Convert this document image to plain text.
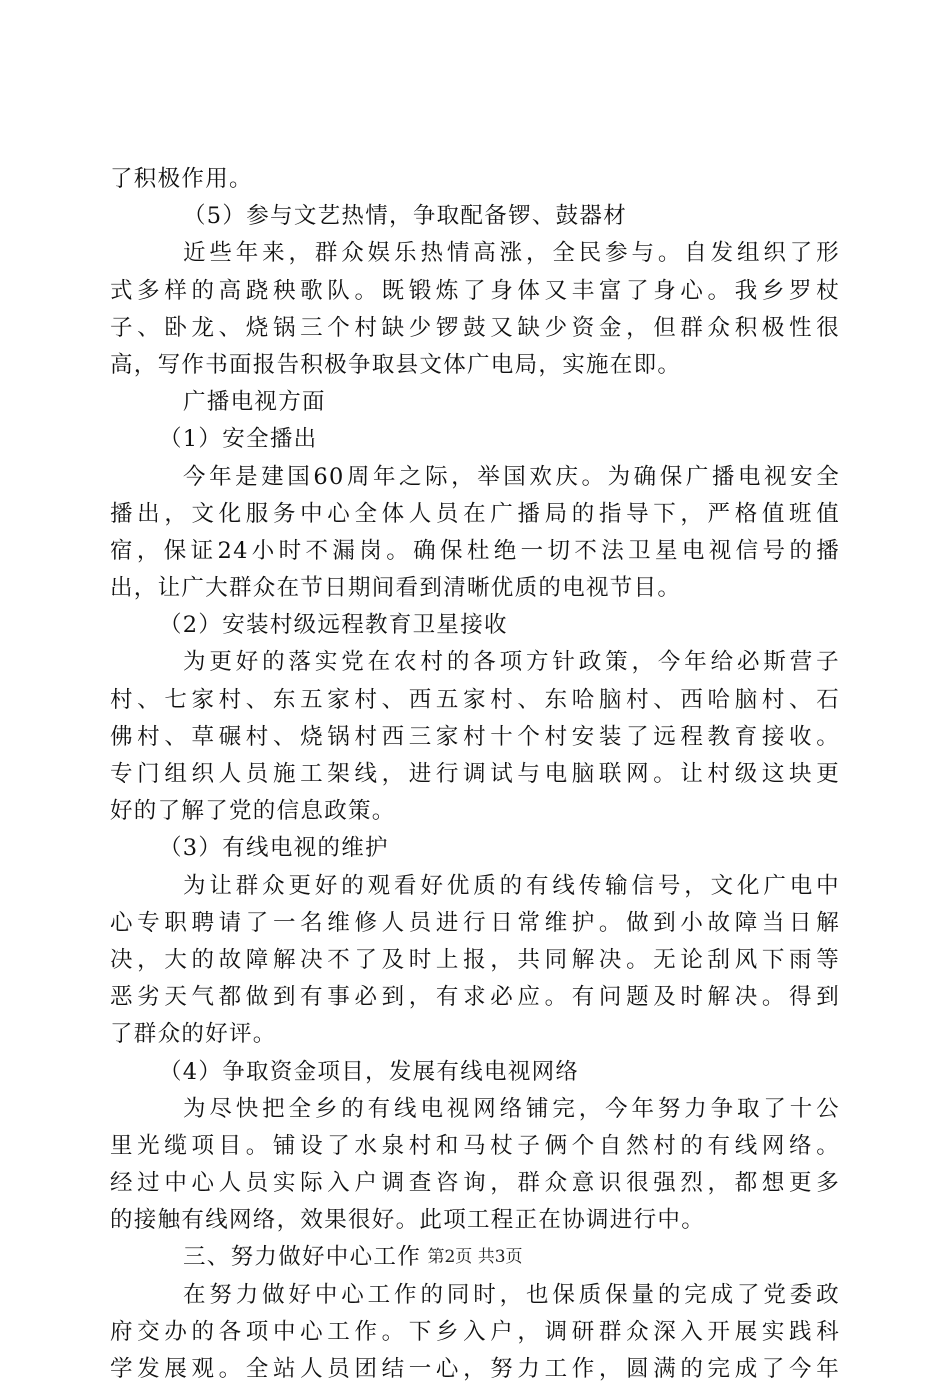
了积极作用。
（5）参与文艺热情，争取配备锣、鼓器材
近些年来，群众娱乐热情高涨，全民参与。自发组织了形
式多样的高跷秧歌队。既锻炼了身体又丰富了身心。我乡罗杖
子、卧龙、烧锅三个村缺少锣鼓又缺少资金，但群众积极性很
高，写作书面报告积极争取县文体广电局，实施在即。
广播电视方面
（1）安全播出
今年是建国60周年之际，举国欢庆。为确保广播电视安全
播出，文化服务中心全体人员在广播局的指导下，严格值班值
宿，保证24小时不漏岗。确保杜绝一切不法卫星电视信号的播
出，让广大群众在节日期间看到清晰优质的电视节目。
（2）安装村级远程教育卫星接收
为更好的落实党在农村的各项方针政策，今年给必斯营子
村、七家村、东五家村、西五家村、东哈脑村、西哈脑村、石
佛村、草碾村、烧锅村西三家村十个村安装了远程教育接收。
专门组织人员施工架线，进行调试与电脑联网。让村级这块更
好的了解了党的信息政策。
（3）有线电视的维护
为让群众更好的观看好优质的有线传输信号，文化广电中
心专职聘请了一名维修人员进行日常维护。做到小故障当日解
决，大的故障解决不了及时上报，共同解决。无论刮风下雨等
恶劣天气都做到有事必到，有求必应。有问题及时解决。得到
了群众的好评。
（4）争取资金项目，发展有线电视网络
为尽快把全乡的有线电视网络铺完，今年努力争取了十公
里光缆项目。铺设了水泉村和马杖子俩个自然村的有线网络。
经过中心人员实际入户调查咨询，群众意识很强烈，都想更多
的接触有线网络，效果很好。此项工程正在协调进行中。
三、努力做好中心工作
在努力做好中心工作的同时，也保质保量的完成了党委政
府交办的各项中心工作。下乡入户，调研群众深入开展实践科
学发展观。全站人员团结一心，努力工作，圆满的完成了今年
第2页 共3页
